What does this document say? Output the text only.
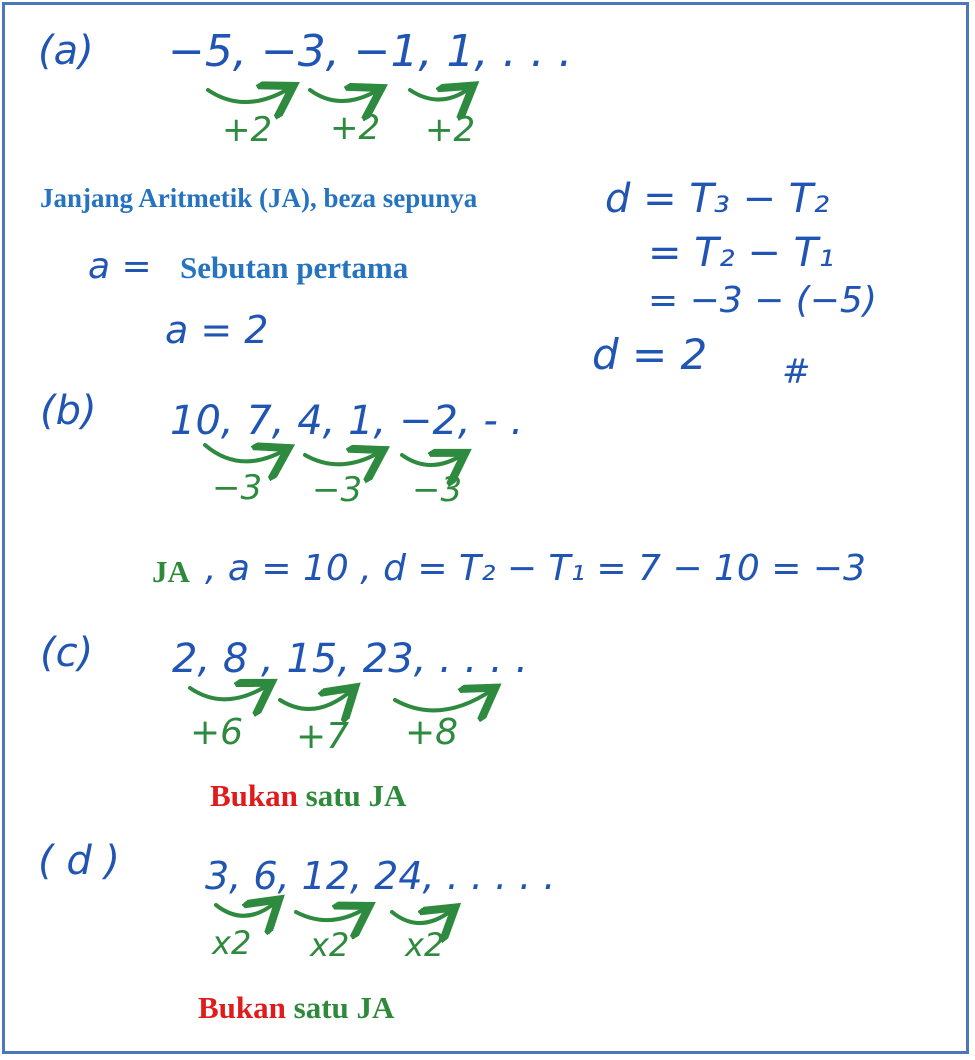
(a) −5, −3, −1, 1, . . .
+2 +2 +2
Janjang Aritmetik (JA), beza sepunya
a = Sebutan pertama
a = 2
d = T₃ − T₂
= T₂ − T₁
= −3 − (−5)
d = 2 #
(b) 10, 7, 4, 1, −2, - .
−3 −3 −3
JA , a = 10 , d = T₂ − T₁ = 7 − 10 = −3
(c) 2, 8 , 15, 23, . . . .
+6 +7 +8
Bukan satu JA
( d ) 3, 6, 12, 24, . . . . .
x2 x2 x2
Bukan satu JA
